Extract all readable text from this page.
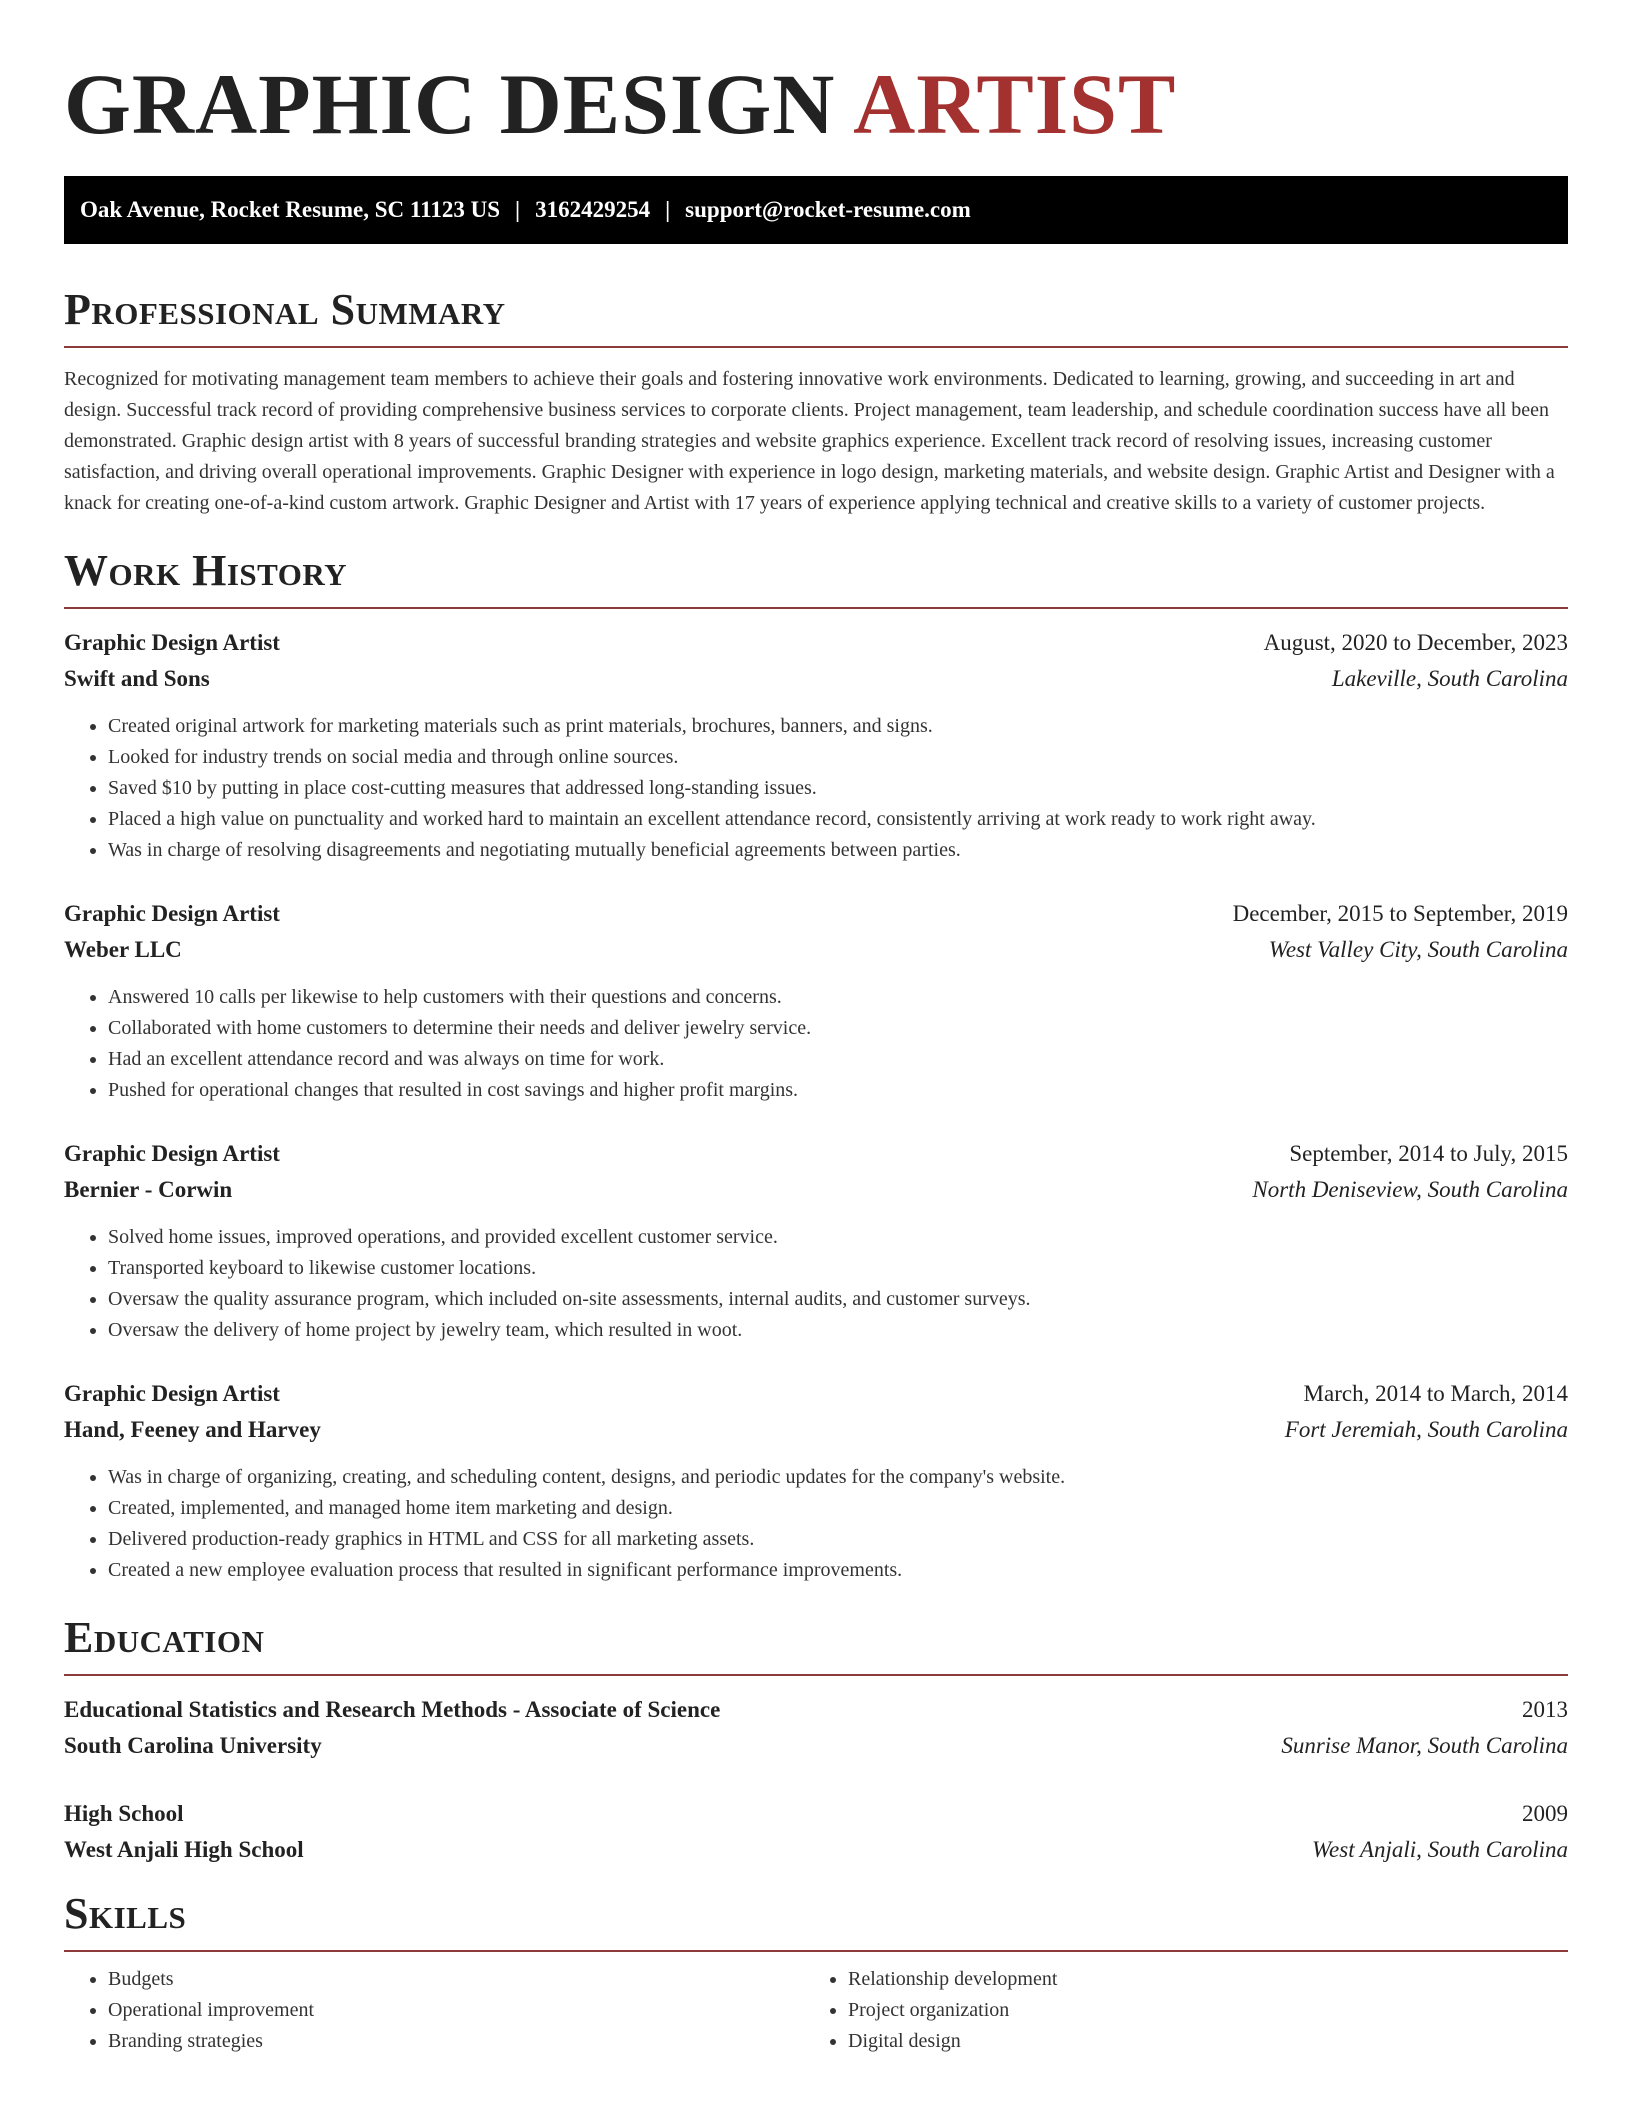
GRAPHIC DESIGN ARTIST
Oak Avenue, Rocket Resume, SC 11123 US | 3162429254 | support@rocket-resume.com
Professional Summary

Recognized for motivating management team members to achieve their goals and fostering innovative work environments. Dedicated to learning, growing, and succeeding in art and design. Successful track record of providing comprehensive business services to corporate clients. Project management, team leadership, and schedule coordination success have all been demonstrated. Graphic design artist with 8 years of successful branding strategies and website graphics experience. Excellent track record of resolving issues, increasing customer satisfaction, and driving overall operational improvements. Graphic Designer with experience in logo design, marketing materials, and website design. Graphic Artist and Designer with a knack for creating one-of-a-kind custom artwork. Graphic Designer and Artist with 17 years of experience applying technical and creative skills to a variety of customer projects.

Work History
Graphic Design Artist	August, 2020 to December, 2023
Swift and Sons	Lakeville, South Carolina
• Created original artwork for marketing materials such as print materials, brochures, banners, and signs.
• Looked for industry trends on social media and through online sources.
• Saved $10 by putting in place cost-cutting measures that addressed long-standing issues.
• Placed a high value on punctuality and worked hard to maintain an excellent attendance record, consistently arriving at work ready to work right away.
• Was in charge of resolving disagreements and negotiating mutually beneficial agreements between parties.
Graphic Design Artist	December, 2015 to September, 2019
Weber LLC	West Valley City, South Carolina
• Answered 10 calls per likewise to help customers with their questions and concerns.
• Collaborated with home customers to determine their needs and deliver jewelry service.
• Had an excellent attendance record and was always on time for work.
• Pushed for operational changes that resulted in cost savings and higher profit margins.
Graphic Design Artist	September, 2014 to July, 2015
Bernier - Corwin	North Deniseview, South Carolina
• Solved home issues, improved operations, and provided excellent customer service.
• Transported keyboard to likewise customer locations.
• Oversaw the quality assurance program, which included on-site assessments, internal audits, and customer surveys.
• Oversaw the delivery of home project by jewelry team, which resulted in woot.
Graphic Design Artist	March, 2014 to March, 2014
Hand, Feeney and Harvey	Fort Jeremiah, South Carolina
• Was in charge of organizing, creating, and scheduling content, designs, and periodic updates for the company's website.
• Created, implemented, and managed home item marketing and design.
• Delivered production-ready graphics in HTML and CSS for all marketing assets.
• Created a new employee evaluation process that resulted in significant performance improvements.
Education
Educational Statistics and Research Methods - Associate of Science	2013
South Carolina University	Sunrise Manor, South Carolina
High School	2009
West Anjali High School	West Anjali, South Carolina
Skills
• Budgets
• Operational improvement
• Branding strategies
• Relationship development
• Project organization
• Digital design
